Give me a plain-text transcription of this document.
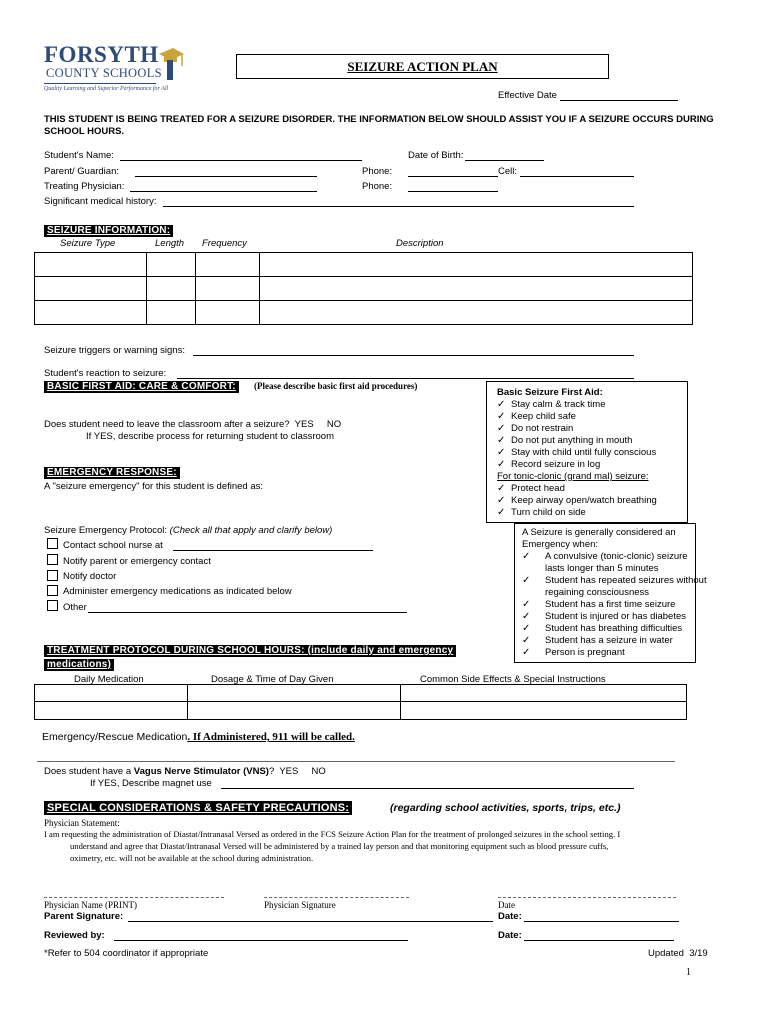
FORSYTH
COUNTY SCHOOLS
Quality Learning and Superior Performance for All
SEIZURE ACTION PLAN
Effective Date
THIS STUDENT IS BEING TREATED FOR A SEIZURE DISORDER. THE INFORMATION BELOW SHOULD ASSIST YOU IF A SEIZURE OCCURS DURING SCHOOL HOURS.
Student's Name:	Date of Birth:
Parent/ Guardian:	Phone:	Cell:
Treating Physician:	Phone:
Significant medical history:
SEIZURE INFORMATION:
Seizure Type	Length Frequency	Description

Seizure triggers or warning signs:
Student's reaction to seizure:
BASIC FIRST AID: CARE & COMFORT:	(Please describe basic first aid procedures)
Does student need to leave the classroom after a seizure?  YES     NO
If YES, describe process for returning student to classroom
Basic Seizure First Aid:
✓ Stay calm & track time
✓ Keep child safe
✓ Do not restrain
✓ Do not put anything in mouth
✓ Stay with child until fully conscious
✓ Record seizure in log
For tonic-clonic (grand mal) seizure:
✓ Protect head
✓ Keep airway open/watch breathing
✓ Turn child on side
EMERGENCY RESPONSE:
A "seizure emergency" for this student is defined as:
Seizure Emergency Protocol: (Check all that apply and clarify below)
Contact school nurse at
Notify parent or emergency contact
Notify doctor
Administer emergency medications as indicated below
Other
A Seizure is generally considered an
Emergency when:
✓ A convulsive (tonic-clonic) seizure
lasts longer than 5 minutes
✓ Student has repeated seizures without
regaining consciousness
✓ Student has a first time seizure
✓ Student is injured or has diabetes
✓ Student has breathing difficulties
✓ Student has a seizure in water
✓ Person is pregnant
TREATMENT PROTOCOL DURING SCHOOL HOURS: (include daily and emergency
medications)
Daily Medication	Dosage & Time of Day Given	Common Side Effects & Special Instructions

Emergency/Rescue Medication. If Administered, 911 will be called.
Does student have a Vagus Nerve Stimulator (VNS)?  YES     NO
If YES, Describe magnet use
SPECIAL CONSIDERATIONS & SAFETY PRECAUTIONS:	(regarding school activities, sports, trips, etc.)
Physician Statement:
I am requesting the administration of Diastat/Intranasal Versed as ordered in the FCS Seizure Action Plan for the treatment of prolonged seizures in the school setting. I
understand and agree that Diastat/Intranasal Versed will be administered by a trained lay person and that monitoring equipment such as blood pressure cuffs,
oximetry, etc. will not be available at the school during administration.
Physician Name (PRINT)	Physician Signature	Date
Parent Signature:	Date:
Reviewed by:	Date:
*Refer to 504 coordinator if appropriate	Updated  3/19
1
